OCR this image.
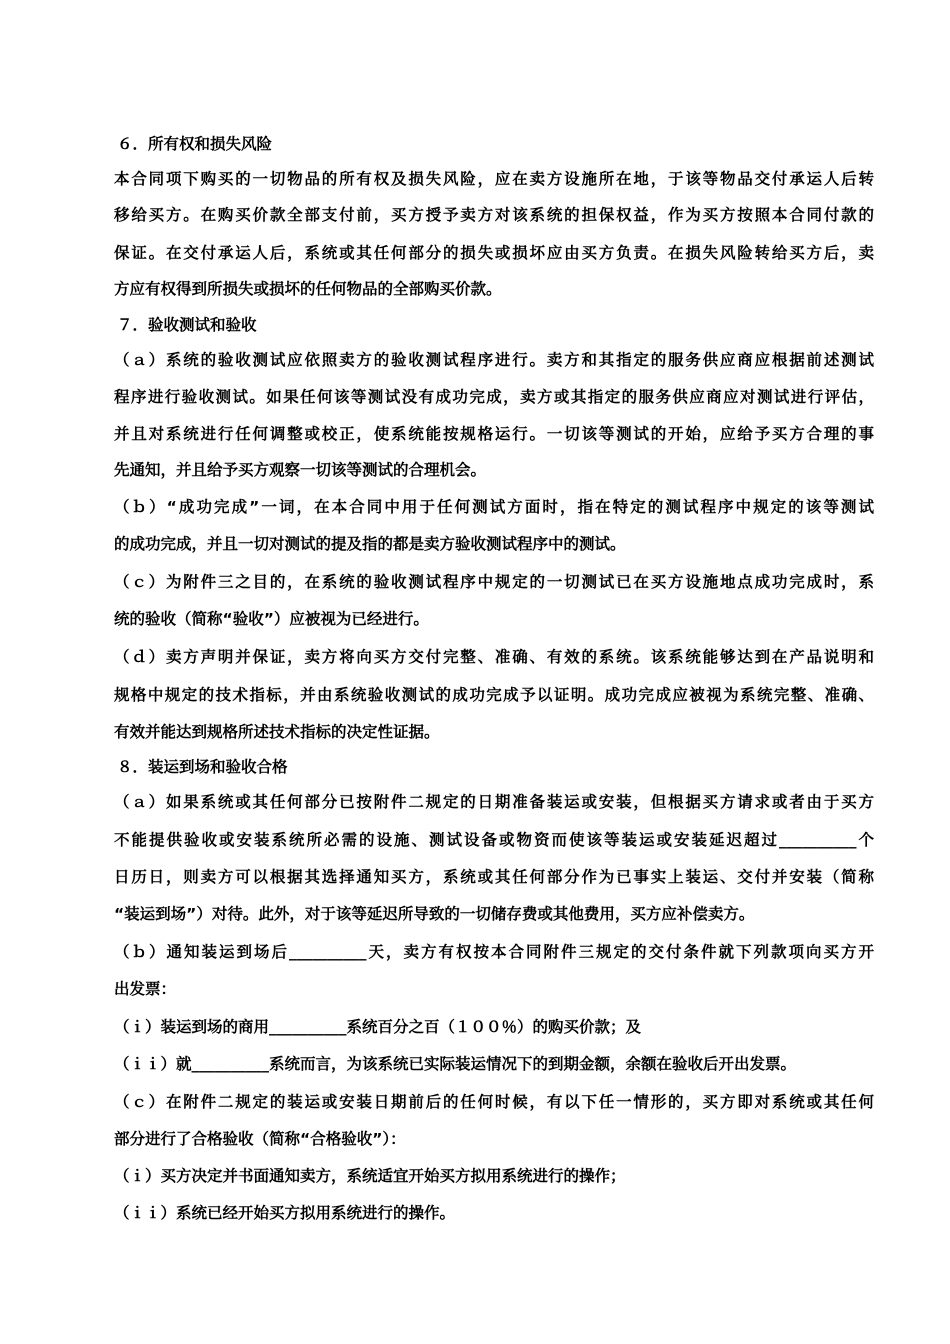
６．所有权和损失风险
本合同项下购买的一切物品的所有权及损失风险，应在卖方设施所在地，于该等物品交付承运人后转
移给买方。在购买价款全部支付前，买方授予卖方对该系统的担保权益，作为买方按照本合同付款的
保证。在交付承运人后，系统或其任何部分的损失或损坏应由买方负责。在损失风险转给买方后，卖
方应有权得到所损失或损坏的任何物品的全部购买价款。
７．验收测试和验收
（ａ）系统的验收测试应依照卖方的验收测试程序进行。卖方和其指定的服务供应商应根据前述测试
程序进行验收测试。如果任何该等测试没有成功完成，卖方或其指定的服务供应商应对测试进行评估，
并且对系统进行任何调整或校正，使系统能按规格运行。一切该等测试的开始，应给予买方合理的事
先通知，并且给予买方观察一切该等测试的合理机会。
（ｂ）“成功完成”一词，在本合同中用于任何测试方面时，指在特定的测试程序中规定的该等测试
的成功完成，并且一切对测试的提及指的都是卖方验收测试程序中的测试。
（ｃ）为附件三之目的，在系统的验收测试程序中规定的一切测试已在买方设施地点成功完成时，系
统的验收（简称“验收”）应被视为已经进行。
（ｄ）卖方声明并保证，卖方将向买方交付完整、准确、有效的系统。该系统能够达到在产品说明和
规格中规定的技术指标，并由系统验收测试的成功完成予以证明。成功完成应被视为系统完整、准确、
有效并能达到规格所述技术指标的决定性证据。
８．装运到场和验收合格
（ａ）如果系统或其任何部分已按附件二规定的日期准备装运或安装，但根据买方请求或者由于买方
不能提供验收或安装系统所必需的设施、测试设备或物资而使该等装运或安装延迟超过__________个
日历日，则卖方可以根据其选择通知买方，系统或其任何部分作为已事实上装运、交付并安装（简称
“装运到场”）对待。此外，对于该等延迟所导致的一切储存费或其他费用，买方应补偿卖方。
（ｂ）通知装运到场后__________天，卖方有权按本合同附件三规定的交付条件就下列款项向买方开
出发票：
（ｉ）装运到场的商用__________系统百分之百（１００％）的购买价款；及
（ｉｉ）就__________系统而言，为该系统已实际装运情况下的到期金额，余额在验收后开出发票。
（ｃ）在附件二规定的装运或安装日期前后的任何时候，有以下任一情形的，买方即对系统或其任何
部分进行了合格验收（简称“合格验收”）：
（ｉ）买方决定并书面通知卖方，系统适宜开始买方拟用系统进行的操作；
（ｉｉ）系统已经开始买方拟用系统进行的操作。
